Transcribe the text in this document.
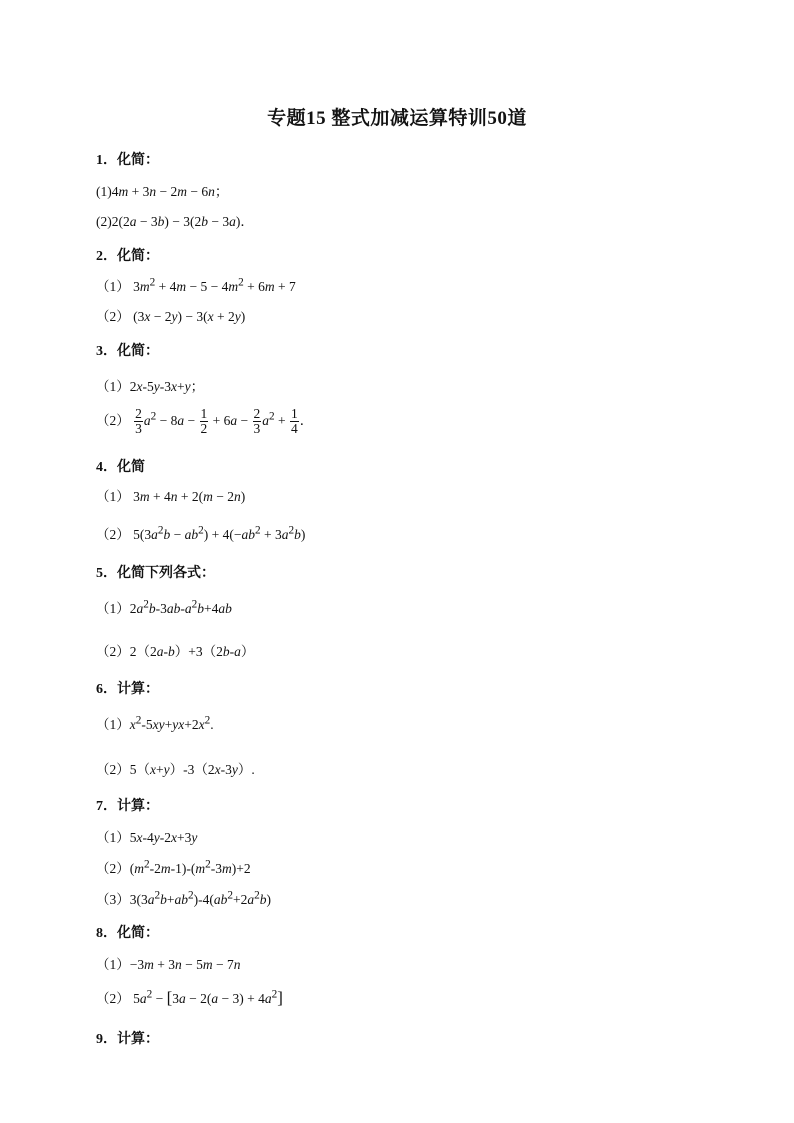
专题15 整式加减运算特训50道
1．化简：
(1)4m + 3n − 2m − 6n；
(2)2(2a − 3b) − 3(2b − 3a)．
2．化简：
（1） $3m^2 + 4m - 5 - 4m^2 + 6m + 7$
（2） (3x − 2y) − 3(x + 2y)
3．化简：
（1）2x-5y-3x+y；
$(2) \frac{2}{3} a^2 - 8a - \frac{1}{2} + 6a - \frac{2}{3} a^2 + \frac{1}{4}$ ．
4．化简
（1） 3m + 4n + 2(m − 2n)
（2） $5(3a^2b - ab^2) + 4(-ab^2 + 3a^2b)$
5．化简下列各式：
$(1)2a^2b-3ab-a^2b+4ab$
（2）2（2a-b）+3（2b-a）
6．计算：
$(1)x^2-5xy+yx+2x^2$.
（2）5（x+y）-3（2x-3y）.
7．计算：
（1）5x-4y-2x+3y
$(2)(m^2-2m-1)-(m^2-3m)+2$
$(3)3(3a^2b+ab^2)-4(ab^2+2a^2b)$
8．化简：
（1）−3m + 3n − 5m − 7n
（2） $5a^2 - [3a - 2(a - 3) + 4a^2]$
9．计算：
